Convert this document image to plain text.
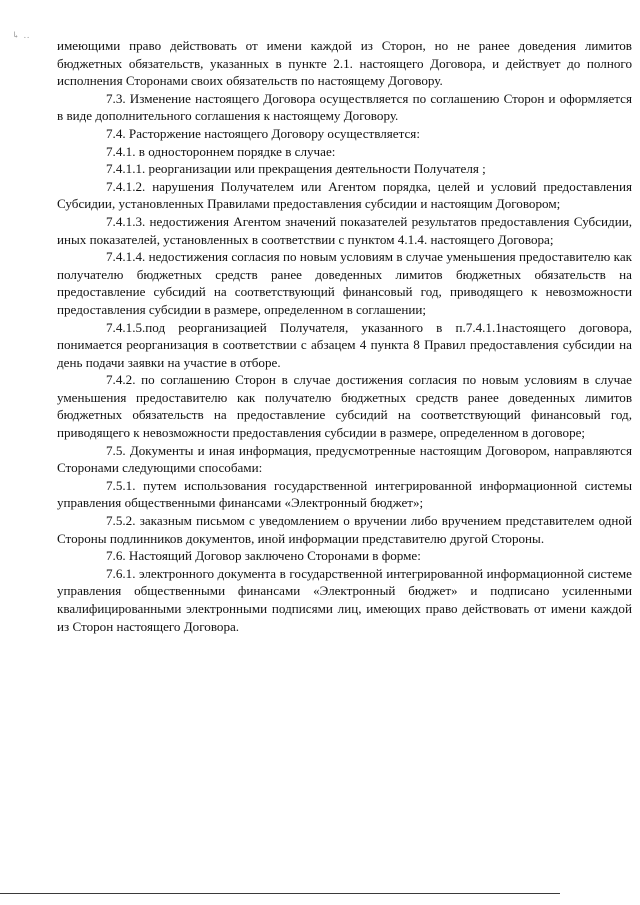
↳ ..

имеющими право действовать от имени каждой из Сторон, но не ранее доведения лимитов бюджетных обязательств, указанных в пункте 2.1. настоящего Договора, и действует до полного исполнения Сторонами своих обязательств по настоящему Договору.

7.3. Изменение настоящего Договора осуществляется по соглашению Сторон и оформляется в виде дополнительного соглашения к настоящему Договору.

7.4. Расторжение настоящего Договору осуществляется:

7.4.1. в одностороннем порядке в случае:

7.4.1.1. реорганизации или прекращения деятельности Получателя ;

7.4.1.2. нарушения Получателем или Агентом порядка, целей и условий предоставления Субсидии, установленных Правилами предоставления субсидии и настоящим Договором;

7.4.1.3. недостижения Агентом значений показателей результатов предоставления Субсидии, иных показателей, установленных в соответствии с пунктом 4.1.4. настоящего Договора;

7.4.1.4. недостижения согласия по новым условиям в случае уменьшения предоставителю как получателю бюджетных средств ранее доведенных лимитов бюджетных обязательств на предоставление субсидий на соответствующий финансовый год, приводящего к невозможности предоставления субсидии в размере, определенном в соглашении;

7.4.1.5.под реорганизацией Получателя, указанного в п.7.4.1.1настоящего договора, понимается реорганизация в соответствии с абзацем 4 пункта 8 Правил предоставления субсидии на день подачи заявки на участие в отборе.

7.4.2. по соглашению Сторон в случае достижения согласия по новым условиям в случае уменьшения предоставителю как получателю бюджетных средств ранее доведенных лимитов бюджетных обязательств на предоставление субсидий на соответствующий финансовый год, приводящего к невозможности предоставления субсидии в размере, определенном в договоре;

7.5. Документы и иная информация, предусмотренные настоящим Договором, направляются Сторонами следующими способами:

7.5.1. путем использования государственной интегрированной информационной системы управления общественными финансами «Электронный бюджет»;

7.5.2. заказным письмом с уведомлением о вручении либо вручением представителем одной Стороны подлинников документов, иной информации представителю другой Стороны.

7.6. Настоящий Договор заключено Сторонами в форме:

7.6.1. электронного документа в государственной интегрированной информационной системе управления общественными финансами «Электронный бюджет» и подписано усиленными квалифицированными электронными подписями лиц, имеющих право действовать от имени каждой из Сторон настоящего Договора.
